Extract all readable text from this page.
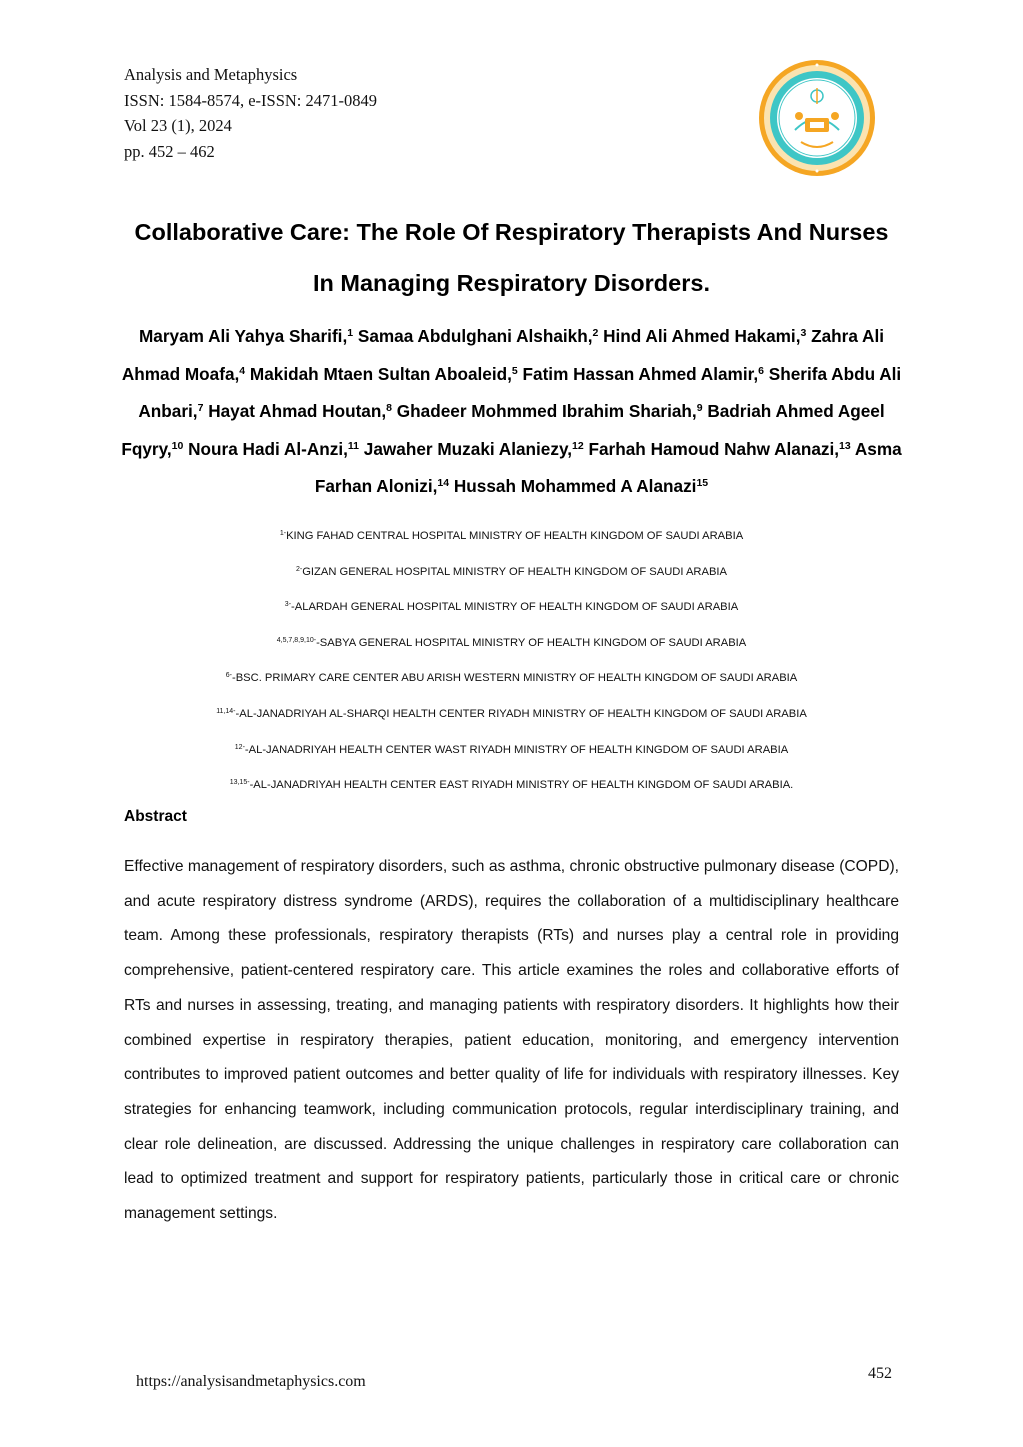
Analysis and Metaphysics
ISSN: 1584-8574, e-ISSN: 2471-0849
Vol 23 (1), 2024
pp. 452 – 462
Collaborative Care: The Role Of Respiratory Therapists And Nurses
In Managing Respiratory Disorders.
Maryam Ali Yahya Sharifi,$^1$ Samaa Abdulghani Alshaikh,$^2$ Hind Ali Ahmed Hakami,$^3$ Zahra Ali Ahmad Moafa,$^4$ Makidah Mtaen Sultan Aboaleid,$^5$ Fatim Hassan Ahmed Alamir,$^6$ Sherifa Abdu Ali Anbari,$^7$ Hayat Ahmad Houtan,$^8$ Ghadeer Mohmmed Ibrahim Shariah,$^9$ Badriah Ahmed Ageel Fqyry,$^{10}$ Noura Hadi Al-Anzi,$^{11}$ Jawaher Muzaki Alaniezy,$^{12}$ Farhah Hamoud Nahw Alanazi,$^{13}$ Asma Farhan Alonizi,$^{14}$ Hussah Mohammed A Alanazi$^{15}$
$^{1-}$KING FAHAD CENTRAL HOSPITAL MINISTRY OF HEALTH KINGDOM OF SAUDI ARABIA
$^{2-}$GIZAN GENERAL HOSPITAL MINISTRY OF HEALTH KINGDOM OF SAUDI ARABIA
$^{3-}$-ALARDAH GENERAL HOSPITAL MINISTRY OF HEALTH KINGDOM OF SAUDI ARABIA
$^{4,5,7,8,9,10-}$-SABYA GENERAL HOSPITAL MINISTRY OF HEALTH KINGDOM OF SAUDI ARABIA
$^{6-}$-BSC. PRIMARY CARE CENTER ABU ARISH WESTERN MINISTRY OF HEALTH KINGDOM OF SAUDI ARABIA
$^{11,14-}$-AL-JANADRIYAH AL-SHARQI HEALTH CENTER RIYADH MINISTRY OF HEALTH KINGDOM OF SAUDI ARABIA
$^{12-}$-AL-JANADRIYAH HEALTH CENTER WAST RIYADH MINISTRY OF HEALTH KINGDOM OF SAUDI ARABIA
$^{13,15-}$-AL-JANADRIYAH HEALTH CENTER EAST RIYADH MINISTRY OF HEALTH KINGDOM OF SAUDI ARABIA.
Abstract
Effective management of respiratory disorders, such as asthma, chronic obstructive pulmonary disease (COPD), and acute respiratory distress syndrome (ARDS), requires the collaboration of a multidisciplinary healthcare team. Among these professionals, respiratory therapists (RTs) and nurses play a central role in providing comprehensive, patient-centered respiratory care. This article examines the roles and collaborative efforts of RTs and nurses in assessing, treating, and managing patients with respiratory disorders. It highlights how their combined expertise in respiratory therapies, patient education, monitoring, and emergency intervention contributes to improved patient outcomes and better quality of life for individuals with respiratory illnesses. Key strategies for enhancing teamwork, including communication protocols, regular interdisciplinary training, and clear role delineation, are discussed. Addressing the unique challenges in respiratory care collaboration can lead to optimized treatment and support for respiratory patients, particularly those in critical care or chronic management settings.
https://analysisandmetaphysics.com	452
